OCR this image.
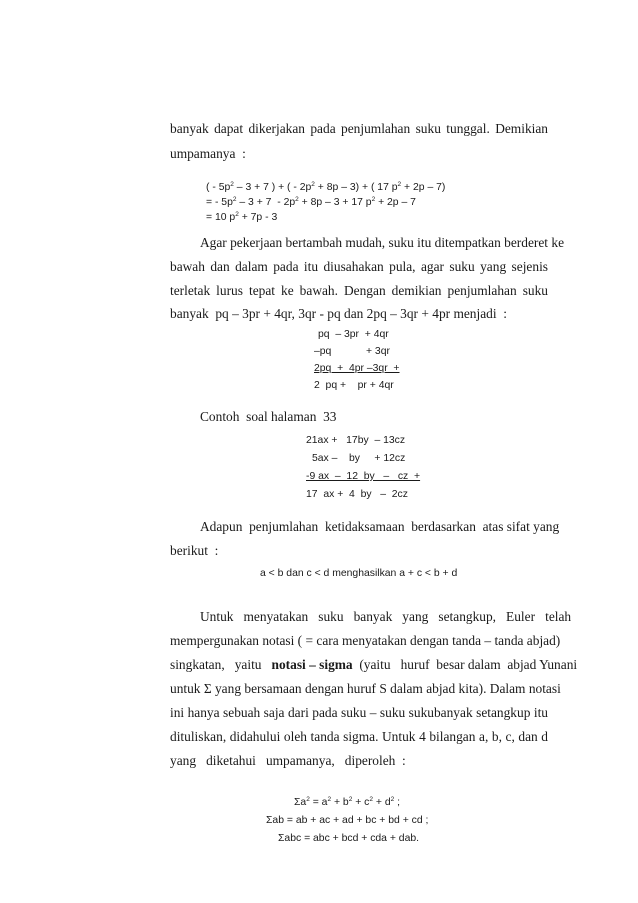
banyak dapat dikerjakan pada penjumlahan suku tunggal. Demikian
umpamanya  :
( - $5p^2 - 3 + 7$ ) + ( - $2p^2 + 8p - 3$) + ( 17 $p^2 + 2p - 7$)
= - $5p^2 - 3 + 7 - 2p^2 + 8p - 3 + 17$ $p^2 + 2p - 7$
= 10 $p^2 + 7p - 3$
Agar pekerjaan bertambah mudah, suku itu ditempatkan berderet ke
bawah dan dalam pada itu diusahakan pula, agar suku yang sejenis
terletak lurus tepat ke bawah. Dengan demikian penjumlahan suku
banyak  pq – 3pr + 4qr, 3qr - pq dan 2pq – 3qr + 4pr menjadi  :
pq  – 3pr  + 4qr
–pq            + 3qr
2pq  +  4pr –3qr  +
2  pq +    pr + 4qr
Contoh  soal halaman  33
21ax +   17by  – 13cz
5ax –    by     + 12cz
-9 ax  –  12  by   –   cz  +
17  ax +  4  by   –  2cz
Adapun  penjumlahan  ketidaksamaan  berdasarkan  atas sifat yang
berikut  :
a < b dan c < d menghasilkan a + c < b + d
Untuk   menyatakan   suku   banyak   yang   setangkup,   Euler   telah
mempergunakan notasi ( = cara menyatakan dengan tanda – tanda abjad)
singkatan,   yaitu   notasi – sigma  (yaitu   huruf  besar dalam  abjad Yunani
untuk Σ yang bersamaan dengan huruf S dalam abjad kita). Dalam notasi
ini hanya sebuah saja dari pada suku – suku sukubanyak setangkup itu
dituliskan, didahului oleh tanda sigma. Untuk 4 bilangan a, b, c, dan d
yang   diketahui   umpamanya,   diperoleh  :
$\Sigma a^2 = a^2 + b^2 + c^2 + d^2$ ;
Σab = ab + ac + ad + bc + bd + cd ;
Σabc = abc + bcd + cda + dab.
